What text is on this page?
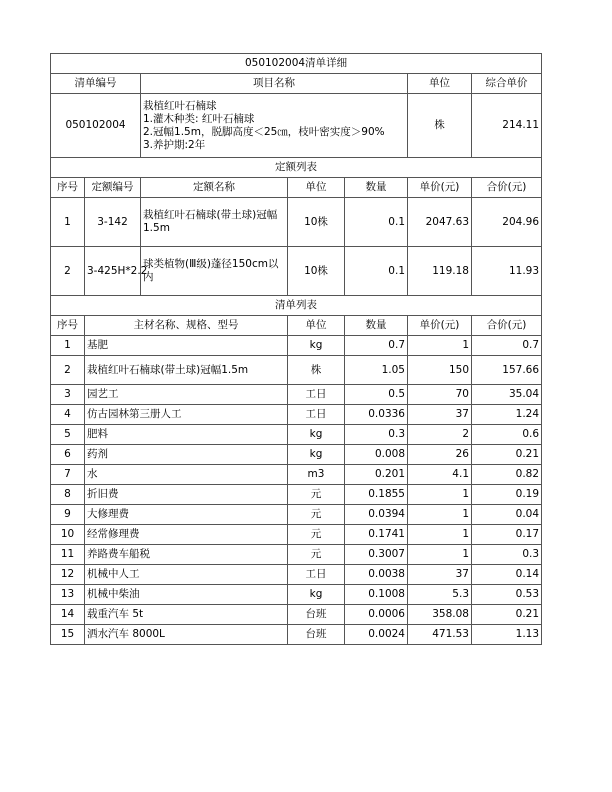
050102004清单详细						
清单编号		项目名称			单位	综合单价
050102004		栽植红叶石楠球
1.灌木种类: 红叶石楠球
2.冠幅1.5m，脱脚高度＜25㎝，枝叶密实度＞90%
3.养护期:2年			株	214.11
定额列表						
序号	定额编号	定额名称	单位	数量	单价(元)	合价(元)
1	3-142	栽植红叶石楠球(带土球)冠幅1.5m	10株	0.1	2047.63	204.96
2	3-425H*2.2	球类植物(Ⅲ级)蓬径150cm以内	10株	0.1	119.18	11.93
清单列表						
序号	主材名称、规格、型号		单位	数量	单价(元)	合价(元)
1	基肥		kg	0.7	1	0.7
2	栽植红叶石楠球(带土球)冠幅1.5m		株	1.05	150	157.66
3	园艺工		工日	0.5	70	35.04
4	仿古园林第三册人工		工日	0.0336	37	1.24
5	肥料		kg	0.3	2	0.6
6	药剂		kg	0.008	26	0.21
7	水		m3	0.201	4.1	0.82
8	折旧费		元	0.1855	1	0.19
9	大修理费		元	0.0394	1	0.04
10	经常修理费		元	0.1741	1	0.17
11	养路费车船税		元	0.3007	1	0.3
12	机械中人工		工日	0.0038	37	0.14
13	机械中柴油		kg	0.1008	5.3	0.53
14	载重汽车 5t		台班	0.0006	358.08	0.21
15	洒水汽车 8000L		台班	0.0024	471.53	1.13
